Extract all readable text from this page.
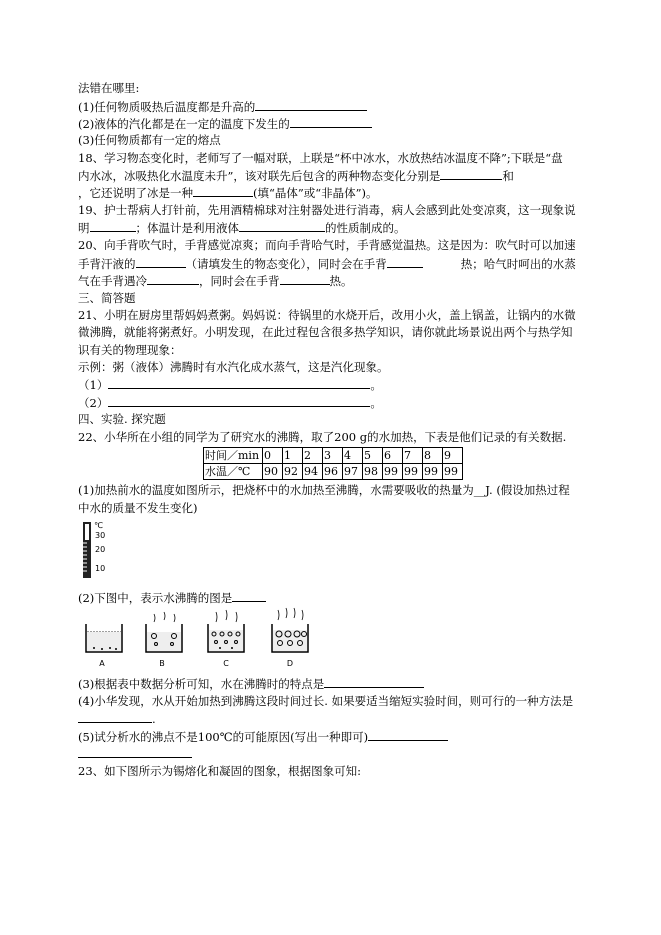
法错在哪里:
(1)任何物质吸热后温度都是升高的
(2)液体的汽化都是在一定的温度下发生的
(3)任何物质都有一定的熔点
18、学习物态变化时，老师写了一幅对联，上联是“杯中冰水，水放热结冰温度不降”;下联是“盘
内水冰，冰吸热化水温度未升”，该对联先后包含的两种物态变化分别是	和
，它还说明了冰是一种	(填“晶体”或“非晶体”)。
19、护士帮病人打针前，先用酒精棉球对注射器处进行消毒，病人会感到此处变凉爽，这一现象说
明	；体温计是利用液体	的性质制成的。
20、向手背吹气时，手背感觉凉爽；而向手背哈气时，手背感觉温热。这是因为：吹气时可以加速
手背汗液的	（请填发生的物态变化），同时会在手背	热；哈气时呵出的水蒸
气在手背遇冷	，同时会在手背	热。
三、简答题
21、小明在厨房里帮妈妈煮粥。妈妈说：待锅里的水烧开后，改用小火，盖上锅盖，让锅内的水微
微沸腾，就能将粥煮好。小明发现，在此过程包含很多热学知识，请你就此场景说出两个与热学知
识有关的物理现象：
示例：粥（液体）沸腾时有水汽化成水蒸气，这是汽化现象。
（1）	。
（2）	。
四、实验. 探究题
22、小华所在小组的同学为了研究水的沸腾，取了200 g的水加热，下表是他们记录的有关数据.
时间／min	0	1	2	3	4	5	6	7	8	9
水温／℃	90	92	94	96	97	98	99	99	99	99
(1)加热前水的温度如图所示，把烧杯中的水加热至沸腾，水需要吸收的热量为__J. (假设加热过程
中水的质量不发生变化)
℃
30
20
10
(2)下图中，表示水沸腾的图是
A	B	C	D
(3)根据表中数据分析可知，水在沸腾时的特点是
(4)小华发现，水从开始加热到沸腾这段时间过长. 如果要适当缩短实验时间，则可行的一种方法是
.
(5)试分析水的沸点不是100℃的可能原因(写出一种即可)
23、如下图所示为锡熔化和凝固的图象，根据图象可知:
